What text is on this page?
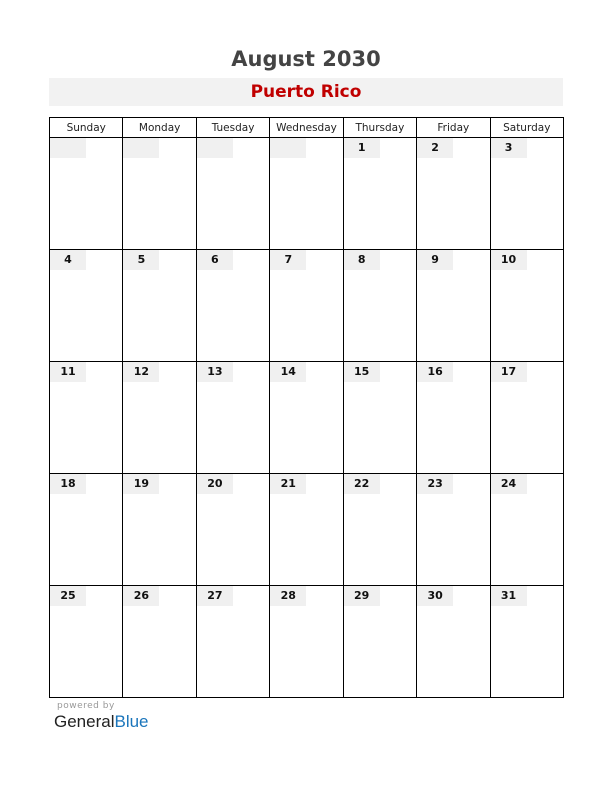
August 2030
Puerto Rico
Sunday	Monday	Tuesday	Wednesday	Thursday	Friday	Saturday

				1	2	3

4	5	6	7	8	9	10

11	12	13	14	15	16	17

18	19	20	21	22	23	24

25	26	27	28	29	30	31
powered by
GeneralBlue
